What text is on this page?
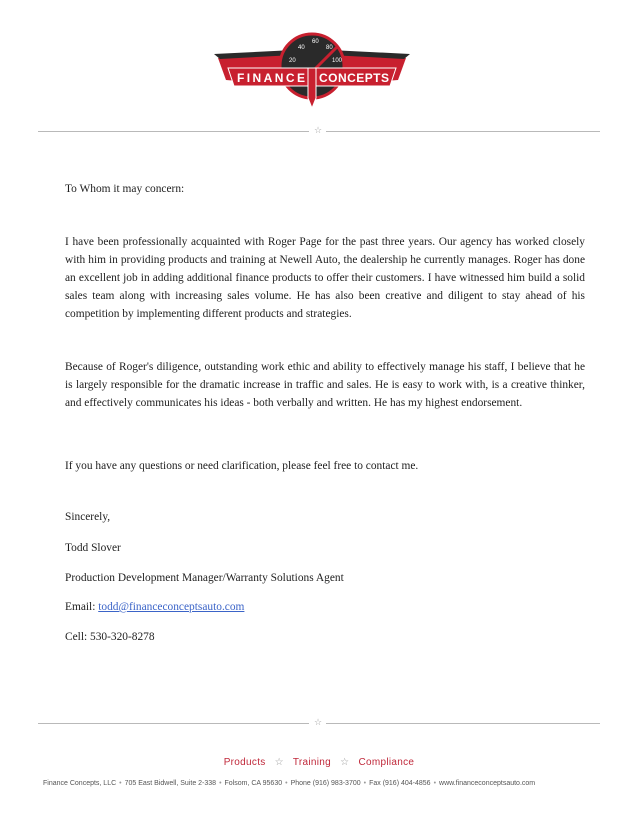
20
40
60
80
100
FINANCE CONCEPTS
☆
To Whom it may concern:
I have been professionally acquainted with Roger Page for the past three years. Our agency has worked closely with him in providing products and training at Newell Auto, the dealership he currently manages. Roger has done an excellent job in adding additional finance products to offer their customers. I have witnessed him build a solid sales team along with increasing sales volume. He has also been creative and diligent to stay ahead of his competition by implementing different products and strategies.
Because of Roger's diligence, outstanding work ethic and ability to effectively manage his staff, I believe that he is largely responsible for the dramatic increase in traffic and sales. He is easy to work with, is a creative thinker, and effectively communicates his ideas - both verbally and written. He has my highest endorsement.
If you have any questions or need clarification, please feel free to contact me.
Sincerely,
Todd Slover
Production Development Manager/Warranty Solutions Agent
Email: todd@financeconceptsauto.com
Cell: 530-320-8278
☆
Products ☆ Training ☆ Compliance
Finance Concepts, LLC • 705 East Bidwell, Suite 2-338 • Folsom, CA 95630 • Phone (916) 983-3700 • Fax (916) 404-4856 • www.financeconceptsauto.com
